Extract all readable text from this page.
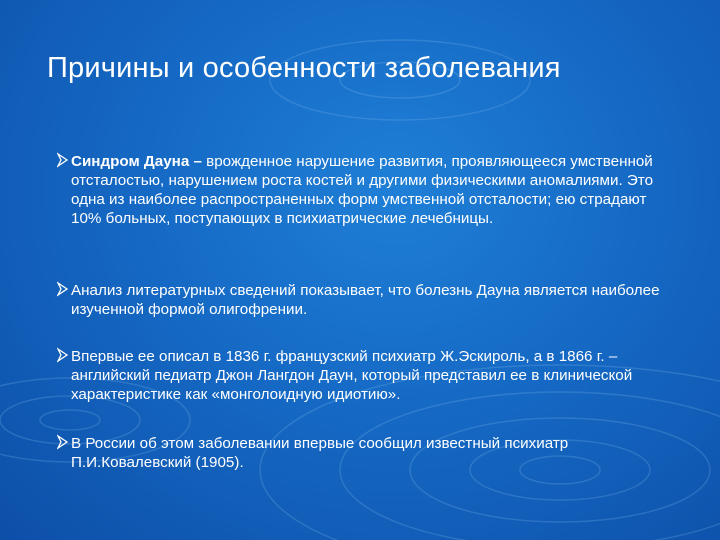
Причины и особенности заболевания
Синдром Дауна – врожденное нарушение развития, проявляющееся умственной отсталостью, нарушением роста костей и другими физическими аномалиями. Это одна из наиболее распространенных форм умственной отсталости; ею страдают 10% больных, поступающих в психиатрические лечебницы.
Анализ литературных сведений показывает, что болезнь Дауна является наиболее изученной формой олигофрении.
Впервые ее описал в 1836 г. французский психиатр Ж.Эскироль, а в 1866 г. – английский педиатр Джон Лангдон Даун, который представил ее в клинической характеристике как «монголоидную идиотию».
В России об этом заболевании впервые сообщил известный психиатр П.И.Ковалевский (1905).
